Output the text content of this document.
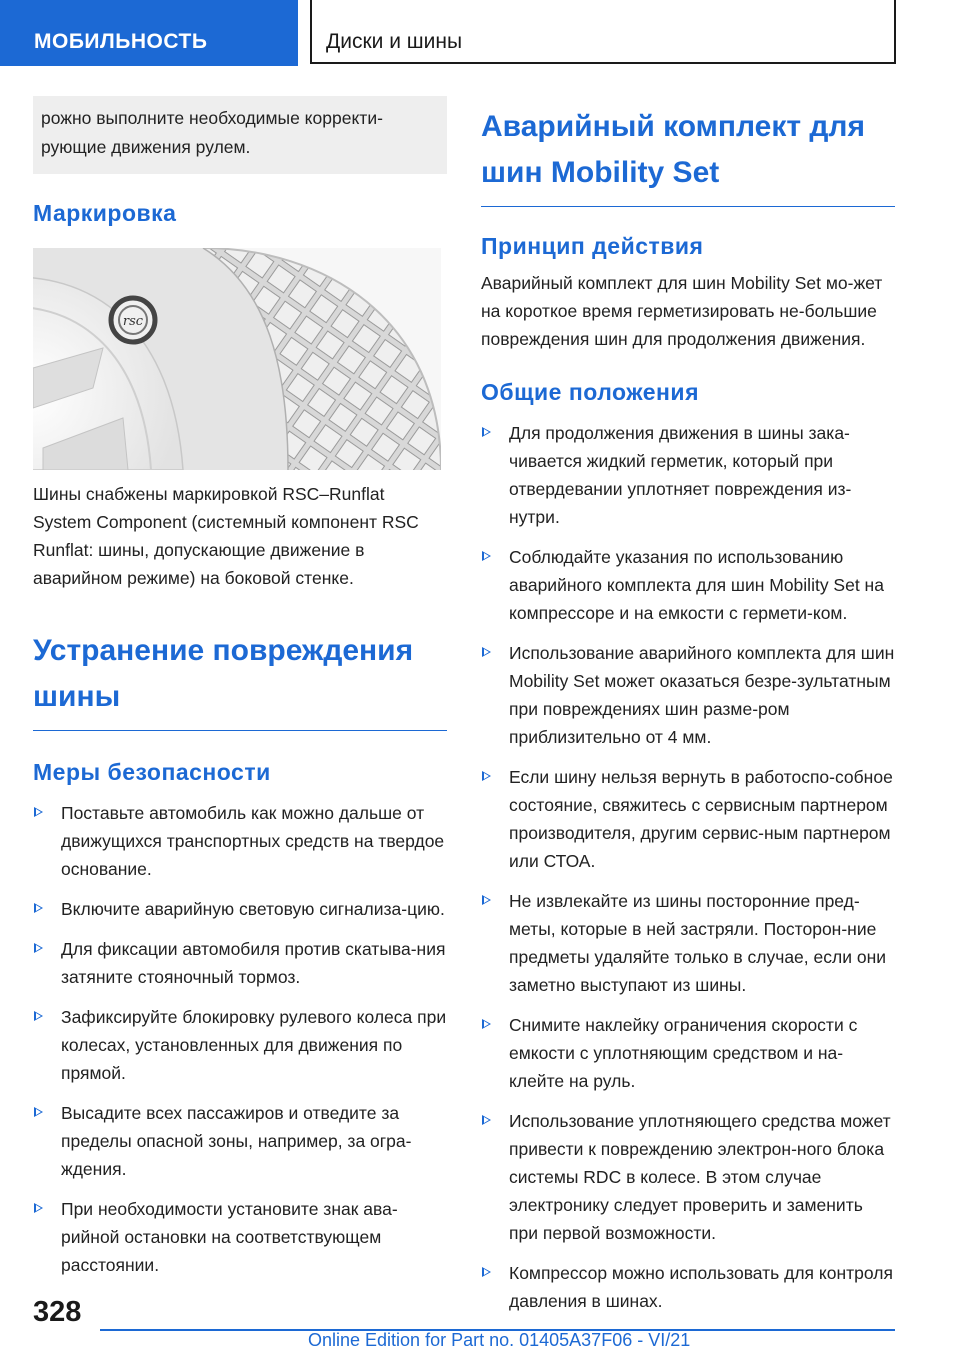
МОБИЛЬНОСТЬ	Диски и шины
рожно выполните необходимые корректи-рующие движения рулем.
Маркировка
rsc

Шины снабжены маркировкой RSC–Runflat System Component (системный компонент RSC Runflat: шины, допускающие движение в аварийном режиме) на боковой стенке.

Устранение повреждения шины
Меры безопасности
Поставьте автомобиль как можно дальше от движущихся транспортных средств на твердое основание.
Включите аварийную световую сигнализа-цию.
Для фиксации автомобиля против скатыва-ния затяните стояночный тормоз.
Зафиксируйте блокировку рулевого колеса при колесах, установленных для движения по прямой.
Высадите всех пассажиров и отведите за пределы опасной зоны, например, за огра-ждения.
При необходимости установите знак ава-рийной остановки на соответствующем расстоянии.
Аварийный комплект для шин Mobility Set
Принцип действия

Аварийный комплект для шин Mobility Set мо-жет на короткое время герметизировать не-большие повреждения шин для продолжения движения.

Общие положения
Для продолжения движения в шины зака-чивается жидкий герметик, который при отвердевании уплотняет повреждения из-нутри.
Соблюдайте указания по использованию аварийного комплекта для шин Mobility Set на компрессоре и на емкости с гермети-ком.
Использование аварийного комплекта для шин Mobility Set может оказаться безре-зультатным при повреждениях шин разме-ром приблизительно от 4 мм.
Если шину нельзя вернуть в работоспо-собное состояние, свяжитесь с сервисным партнером производителя, другим сервис-ным партнером или СТОА.
Не извлекайте из шины посторонние пред-меты, которые в ней застряли. Посторон-ние предметы удаляйте только в случае, если они заметно выступают из шины.
Снимите наклейку ограничения скорости с емкости с уплотняющим средством и на-клейте на руль.
Использование уплотняющего средства может привести к повреждению электрон-ного блока системы RDC в колесе. В этом случае электронику следует проверить и заменить при первой возможности.
Компрессор можно использовать для контроля давления в шинах.
328
Online Edition for Part no. 01405A37F06 - VI/21
